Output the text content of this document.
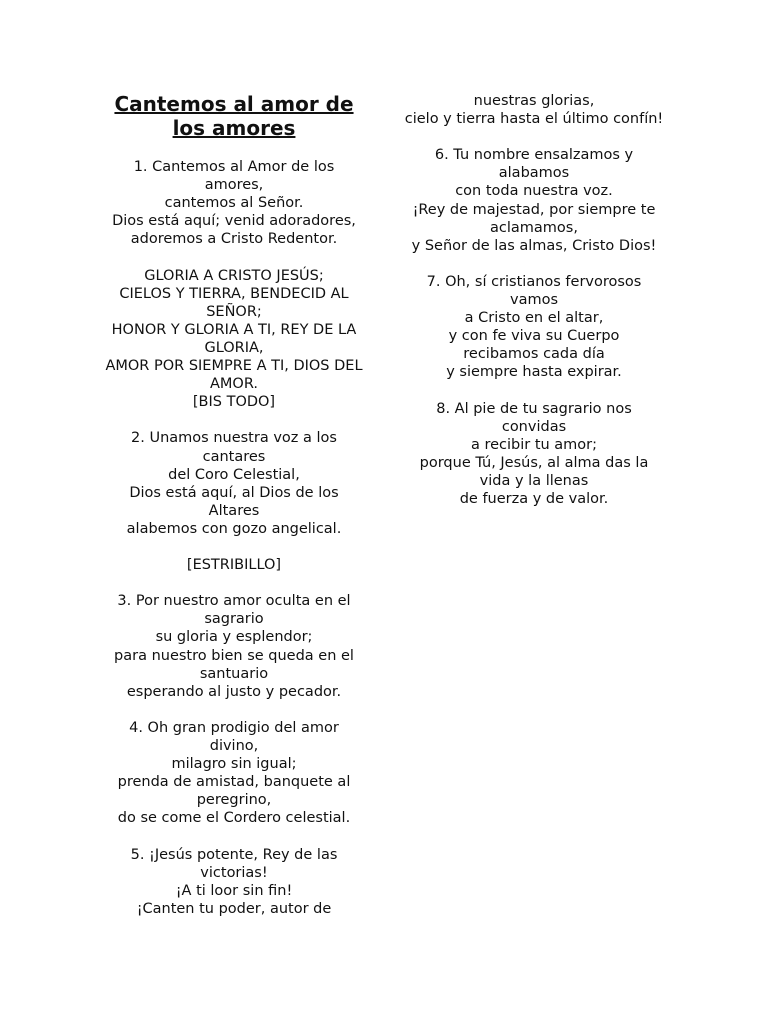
Cantemos al amor de los amores
1. Cantemos al Amor de los amores,
cantemos al Señor.
Dios está aquí; venid adoradores,
adoremos a Cristo Redentor.
GLORIA A CRISTO JESÚS;
CIELOS Y TIERRA, BENDECID AL SEÑOR;
HONOR Y GLORIA A TI, REY DE LA GLORIA,
AMOR POR SIEMPRE A TI, DIOS DEL AMOR.
[BIS TODO]
2. Unamos nuestra voz a los cantares
del Coro Celestial,
Dios está aquí, al Dios de los Altares
alabemos con gozo angelical.
[ESTRIBILLO]
3. Por nuestro amor oculta en el sagrario
su gloria y esplendor;
para nuestro bien se queda en el santuario
esperando al justo y pecador.
4. Oh gran prodigio del amor divino,
milagro sin igual;
prenda de amistad, banquete al peregrino,
do se come el Cordero celestial.
5. ¡Jesús potente, Rey de las victorias!
¡A ti loor sin fin!
¡Canten tu poder, autor de
nuestras glorias,
cielo y tierra hasta el último confín!
6. Tu nombre ensalzamos y alabamos
con toda nuestra voz.
¡Rey de majestad, por siempre te aclamamos,
y Señor de las almas, Cristo Dios!
7. Oh, sí cristianos fervorosos vamos
a Cristo en el altar,
y con fe viva su Cuerpo
recibamos cada día
y siempre hasta expirar.
8. Al pie de tu sagrario nos convidas
a recibir tu amor;
porque Tú, Jesús, al alma das la vida y la llenas
de fuerza y de valor.
